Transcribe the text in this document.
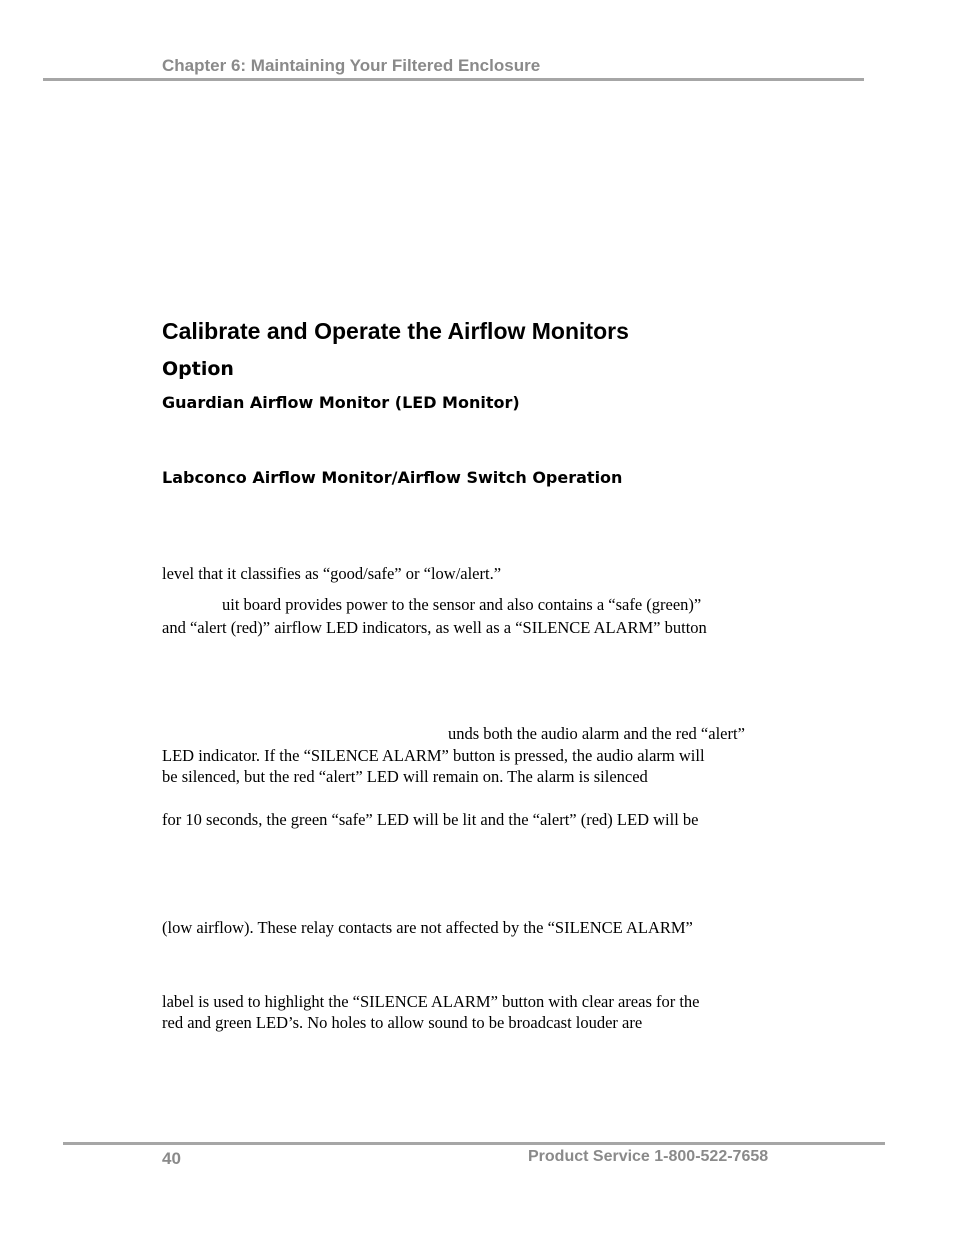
Chapter 6: Maintaining Your Filtered Enclosure
Calibrate and Operate the Airflow Monitors
Option
Guardian Airflow Monitor (LED Monitor)
Labconco Airflow Monitor/Airflow Switch Operation
level that it classifies as “good/safe” or “low/alert.”
uit board provides power to the sensor and also contains a “safe (green)”
and “alert (red)” airflow LED indicators, as well as a “SILENCE ALARM” button
unds both the audio alarm and the red “alert”
LED indicator. If the “SILENCE ALARM” button is pressed, the audio alarm will
be silenced, but the red “alert” LED will remain on. The alarm is silenced
for 10 seconds, the green “safe” LED will be lit and the “alert” (red) LED will be
(low airflow). These relay contacts are not affected by the “SILENCE ALARM”
label is used to highlight the “SILENCE ALARM” button with clear areas for the
red and green LED’s. No holes to allow sound to be broadcast louder are
40	Product Service 1-800-522-7658
